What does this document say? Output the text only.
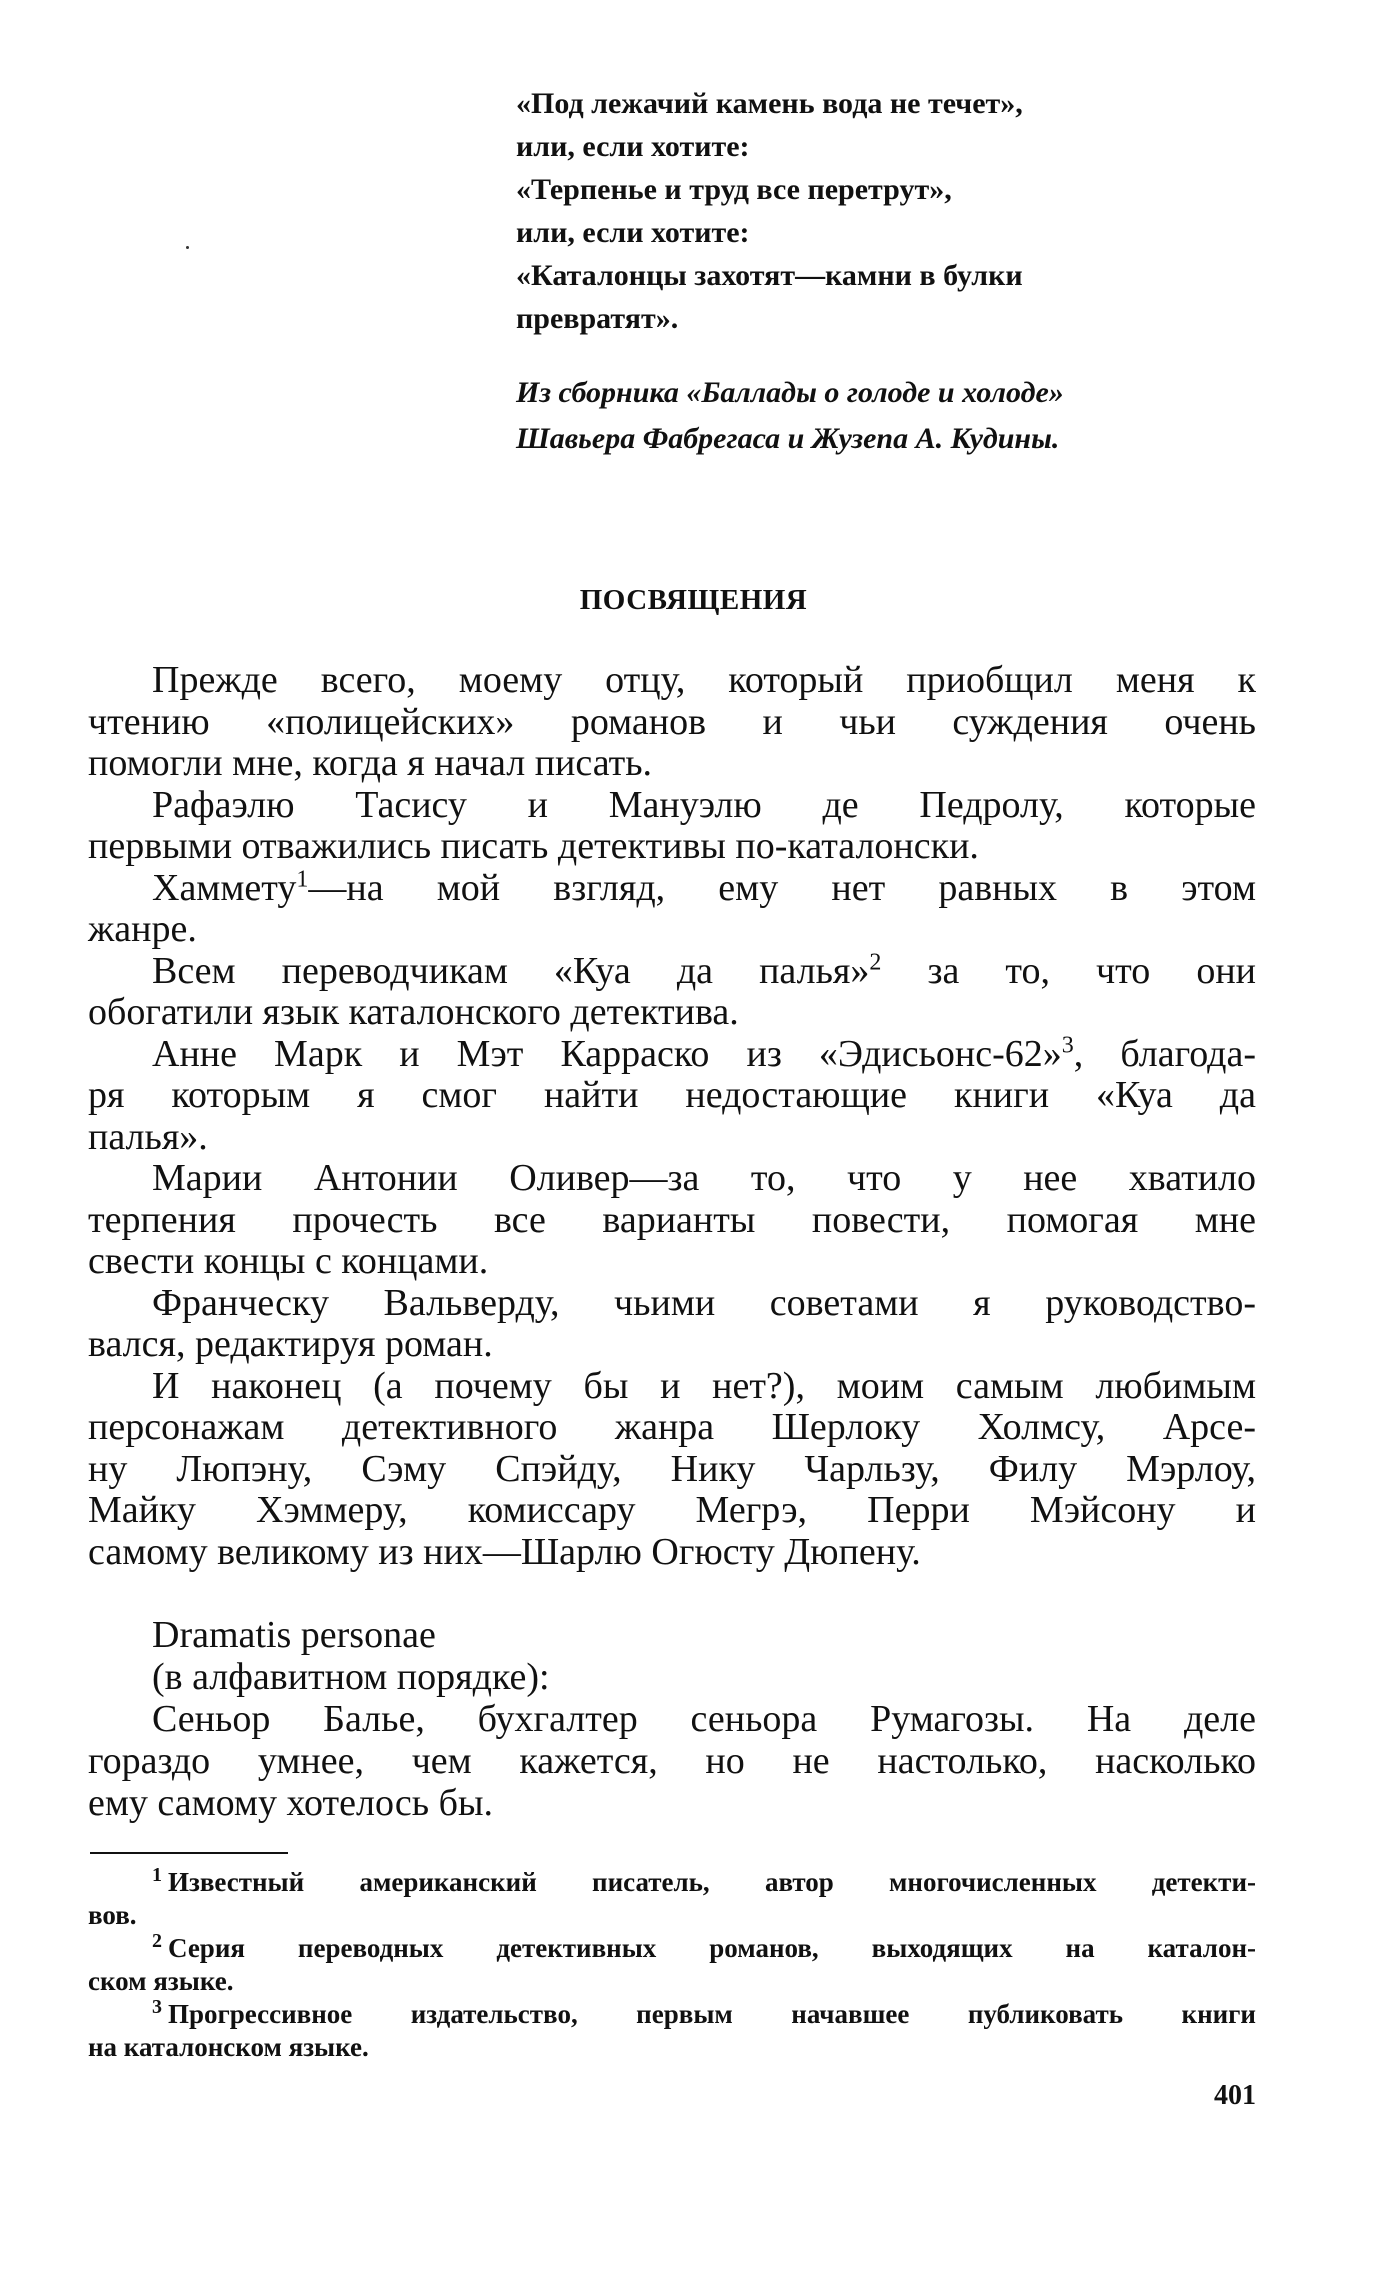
«Под лежачий камень вода не течет»,
или, если хотите:
«Терпенье и труд все перетрут»,
или, если хотите:
«Каталонцы захотят—камни в булки
превратят».
Из сборника «Баллады о голоде и холоде»
Шавьера Фабрегаса и Жузепа А. Кудины.
ПОСВЯЩЕНИЯ

Прежде всего, моему отцу, который приобщил меня к
чтению «полицейских» романов и чьи суждения очень
помогли мне, когда я начал писать.

Рафаэлю Тасису и Мануэлю де Педролу, которые
первыми отважились писать детективы по-каталонски.

Хаммету$^1$—на мой взгляд, ему нет равных в этом
жанре.

Всем переводчикам «Куа да палья»$^2$ за то, что они
обогатили язык каталонского детектива.

Анне Марк и Мэт Карраско из «Эдисьонс-62»$^3$, благода-
ря которым я смог найти недостающие книги «Куа да
палья».

Марии Антонии Оливер—за то, что у нее хватило
терпения прочесть все варианты повести, помогая мне
свести концы с концами.

Франческу Вальверду, чьими советами я руководство-
вался, редактируя роман.

И наконец (а почему бы и нет?), моим самым любимым
персонажам детективного жанра Шерлоку Холмсу, Арсе-
ну Люпэну, Сэму Спэйду, Нику Чарльзу, Филу Мэрлоу,
Майку Хэммеру, комиссару Мегрэ, Перри Мэйсону и
самому великому из них—Шарлю Огюсту Дюпену.

Dramatis personae
(в алфавитном порядке):
Сеньор Балье, бухгалтер сеньора Румагозы. На деле
гораздо умнее, чем кажется, но не настолько, насколько
ему самому хотелось бы.
$^1$ Известный американский писатель, автор многочисленных детекти-
вов.
$^2$ Серия переводных детективных романов, выходящих на каталон-
ском языке.
$^3$ Прогрессивное издательство, первым начавшее публиковать книги
на каталонском языке.
401
